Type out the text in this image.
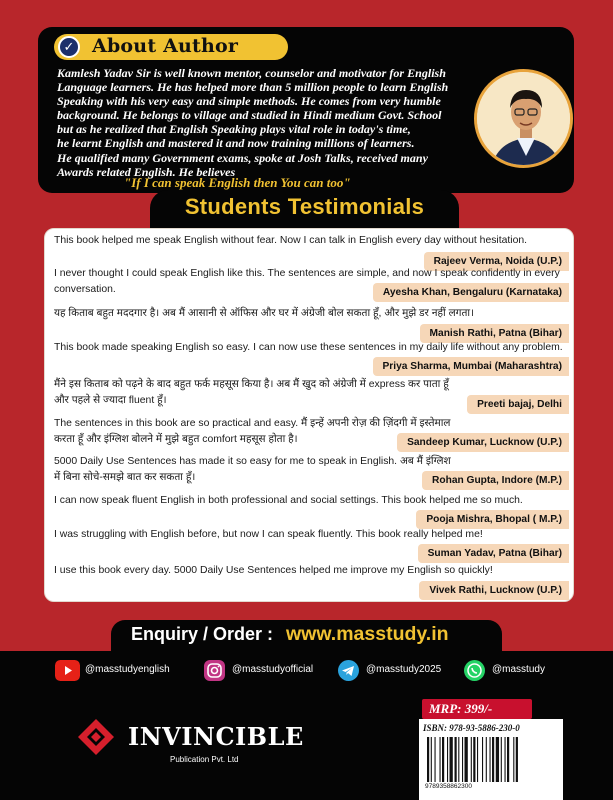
✓ About Author
Kamlesh Yadav Sir is well known mentor, counselor and motivator for English
Language learners. He has helped more than 5 million people to learn English
Speaking with his very easy and simple methods. He comes from very humble
background. He belongs to village and studied in Hindi medium Govt. School
but as he realized that English Speaking plays vital role in today's time,
he learnt English and mastered it and now training millions of learners.
He qualified many Government exams, spoke at Josh Talks, received many
Awards related English. He believes
"If I can speak English then You can too"
Students Testimonials
This book helped me speak English without fear. Now I can talk in English every day without hesitation.
Rajeev Verma, Noida (U.P.)
I never thought I could speak English like this. The sentences are simple, and now I speak confidently in every conversation.	Ayesha Khan, Bengaluru (Karnataka)
यह किताब बहुत मददगार है। अब मैं आसानी से ऑफिस और घर में अंग्रेजी बोल सकता हूँ, और मुझे डर नहीं लगता।
Manish Rathi, Patna (Bihar)
This book made speaking English so easy. I can now use these sentences in my daily life without any problem.
Priya Sharma, Mumbai (Maharashtra)
मैंने इस किताब को पढ़ने के बाद बहुत फर्क महसूस किया है। अब मैं खुद को अंग्रेजी में express कर पाता हूँ और पहले से ज्यादा fluent हूँ।	Preeti bajaj, Delhi
The sentences in this book are so practical and easy. मैं इन्हें अपनी रोज़ की ज़िंदगी में इस्तेमाल करता हूँ और इंग्लिश बोलने में मुझे बहुत comfort महसूस होता है।	Sandeep Kumar, Lucknow (U.P.)
5000 Daily Use Sentences has made it so easy for me to speak in English. अब मैं इंग्लिश में बिना सोचे-समझे बात कर सकता हूँ।	Rohan Gupta, Indore (M.P.)
I can now speak fluent English in both professional and social settings. This book helped me so much.
Pooja Mishra, Bhopal ( M.P.)
I was struggling with English before, but now I can speak fluently. This book really helped me!
Suman Yadav, Patna (Bihar)
I use this book every day. 5000 Daily Use Sentences helped me improve my English so quickly!
Vivek Rathi, Lucknow (U.P.)
Enquiry / Order : www.masstudy.in
@masstudyenglish	@masstudyofficial	@masstudy2025	@masstudy
INVINCIBLE
Publication Pvt. Ltd
MRP: 399/-
ISBN: 978-93-5886-230-0
9789358862300
